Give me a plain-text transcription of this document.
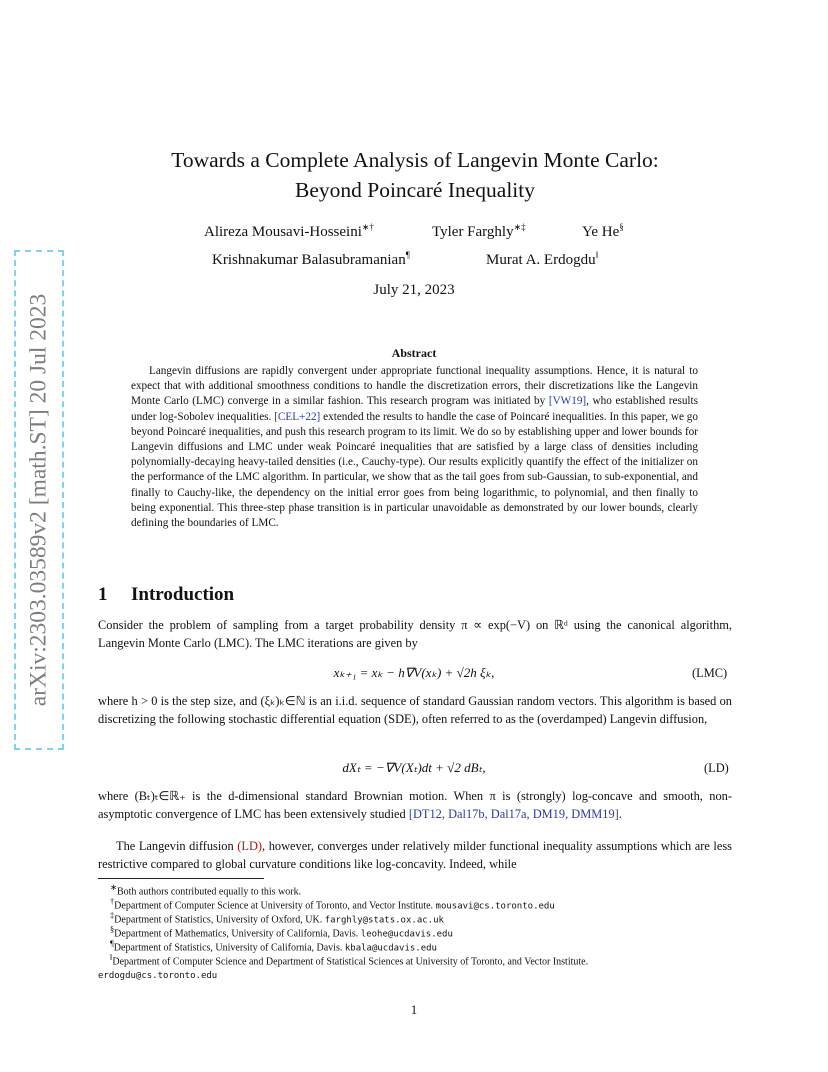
arXiv:2303.03589v2 [math.ST] 20 Jul 2023
Towards a Complete Analysis of Langevin Monte Carlo:
Beyond Poincaré Inequality
Alireza Mousavi-Hosseini∗†	Tyler Farghly∗‡	Ye He§
Krishnakumar Balasubramanian¶	Murat A. Erdogdu‖
July 21, 2023
Abstract

Langevin diffusions are rapidly convergent under appropriate functional inequality assumptions. Hence, it is natural to expect that with additional smoothness conditions to handle the discretization errors, their discretizations like the Langevin Monte Carlo (LMC) converge in a similar fashion. This research program was initiated by [VW19], who established results under log-Sobolev inequalities. [CEL+22] extended the results to handle the case of Poincaré inequalities. In this paper, we go beyond Poincaré inequalities, and push this research program to its limit. We do so by establishing upper and lower bounds for Langevin diffusions and LMC under weak Poincaré inequalities that are satisfied by a large class of densities including polynomially-decaying heavy-tailed densities (i.e., Cauchy-type). Our results explicitly quantify the effect of the initializer on the performance of the LMC algorithm. In particular, we show that as the tail goes from sub-Gaussian, to sub-exponential, and finally to Cauchy-like, the dependency on the initial error goes from being logarithmic, to polynomial, and then finally to being exponential. This three-step phase transition is in particular unavoidable as demonstrated by our lower bounds, clearly defining the boundaries of LMC.

1 Introduction

Consider the problem of sampling from a target probability density π ∝ exp(−V) on ℝᵈ using the canonical algorithm, Langevin Monte Carlo (LMC). The LMC iterations are given by

xₖ₊₁ = xₖ − h∇V(xₖ) + √2h ξₖ,	(LMC)

where h > 0 is the step size, and (ξₖ)ₖ∈ℕ is an i.i.d. sequence of standard Gaussian random vectors. This algorithm is based on discretizing the following stochastic differential equation (SDE), often referred to as the (overdamped) Langevin diffusion,

dXₜ = −∇V(Xₜ)dt + √2 dBₜ,	(LD)

where (Bₜ)ₜ∈ℝ₊ is the d-dimensional standard Brownian motion. When π is (strongly) log-concave and smooth, non-asymptotic convergence of LMC has been extensively studied [DT12, Dal17b, Dal17a, DM19, DMM19].

The Langevin diffusion (LD), however, converges under relatively milder functional inequality assumptions which are less restrictive compared to global curvature conditions like log-concavity. Indeed, while

∗Both authors contributed equally to this work.

†Department of Computer Science at University of Toronto, and Vector Institute. mousavi@cs.toronto.edu

‡Department of Statistics, University of Oxford, UK. farghly@stats.ox.ac.uk

§Department of Mathematics, University of California, Davis. leohe@ucdavis.edu

¶Department of Statistics, University of California, Davis. kbala@ucdavis.edu

‖Department of Computer Science and Department of Statistical Sciences at University of Toronto, and Vector Institute.
erdogdu@cs.toronto.edu

1
